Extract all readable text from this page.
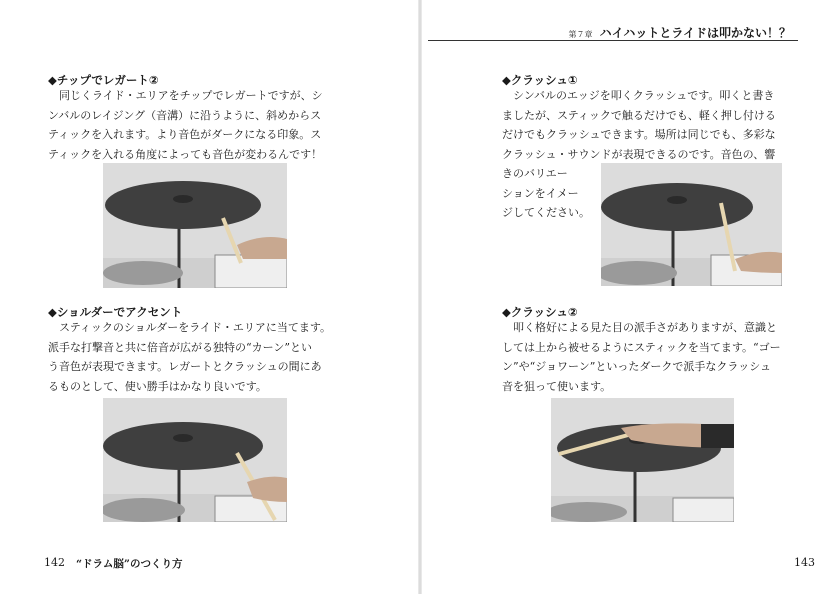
◆チップでレガート②
　同じくライド・エリアをチップでレガートですが、シ
ンバルのレイジング（音溝）に沿うように、斜めからス
ティックを入れます。より音色がダークになる印象。ス
ティックを入れる角度によっても音色が変わるんです！
◆ショルダーでアクセント
　スティックのショルダーをライド・エリアに当てます。
派手な打撃音と共に倍音が広がる独特の“カーン”とい
う音色が表現できます。レガートとクラッシュの間にあ
るものとして、使い勝手はかなり良いです。
142 “ドラム脳”のつくり方
第７章 ハイハットとライドは叩かない！？
◆クラッシュ①
　シンバルのエッジを叩くクラッシュです。叩くと書き
ましたが、スティックで触るだけでも、軽く押し付ける
だけでもクラッシュできます。場所は同じでも、多彩な
クラッシュ・サウンドが表現できるのです。音色の、響
きのバリエー
ションをイメー
ジしてください。
◆クラッシュ②
　叩く格好による見た目の派手さがありますが、意識と
しては上から被せるようにスティックを当てます。“ゴー
ン”や“ジョワーン”といったダークで派手なクラッシュ
音を狙って使います。
143
